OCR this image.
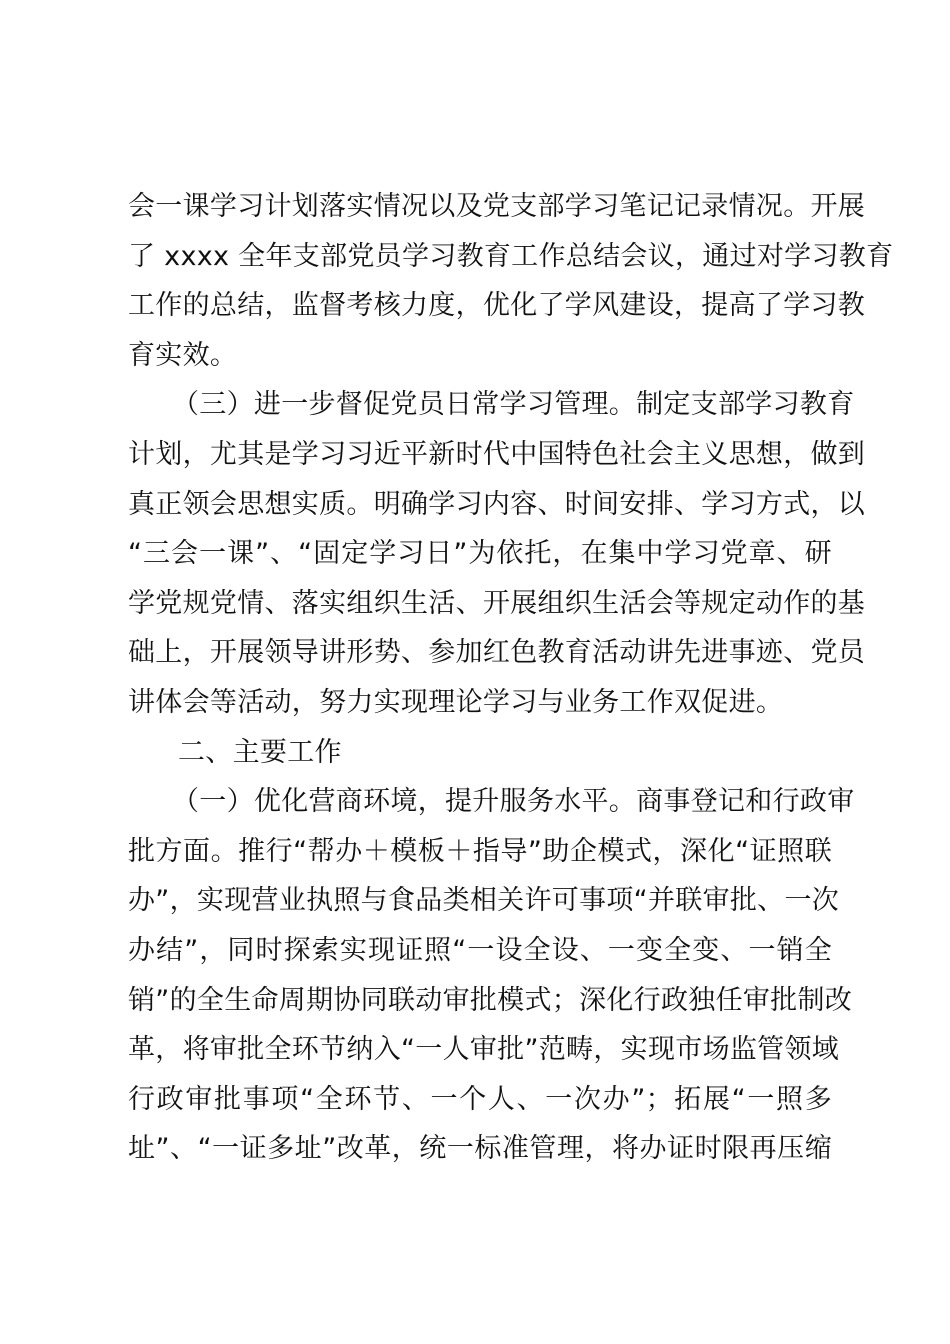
会一课学习计划落实情况以及党支部学习笔记记录情况。开展
了 xxxx 全年支部党员学习教育工作总结会议，通过对学习教育
工作的总结，监督考核力度，优化了学风建设，提高了学习教
育实效。
（三）进一步督促党员日常学习管理。制定支部学习教育
计划，尤其是学习习近平新时代中国特色社会主义思想，做到
真正领会思想实质。明确学习内容、时间安排、学习方式，以
“三会一课”、“固定学习日”为依托，在集中学习党章、研
学党规党情、落实组织生活、开展组织生活会等规定动作的基
础上，开展领导讲形势、参加红色教育活动讲先进事迹、党员
讲体会等活动，努力实现理论学习与业务工作双促进。
二、主要工作
（一）优化营商环境，提升服务水平。商事登记和行政审
批方面。推行“帮办＋模板＋指导”助企模式，深化“证照联
办”，实现营业执照与食品类相关许可事项“并联审批、一次
办结”，同时探索实现证照“一设全设、一变全变、一销全
销”的全生命周期协同联动审批模式；深化行政独任审批制改
革，将审批全环节纳入“一人审批”范畴，实现市场监管领域
行政审批事项“全环节、一个人、一次办”；拓展“一照多
址”、“一证多址”改革，统一标准管理，将办证时限再压缩
